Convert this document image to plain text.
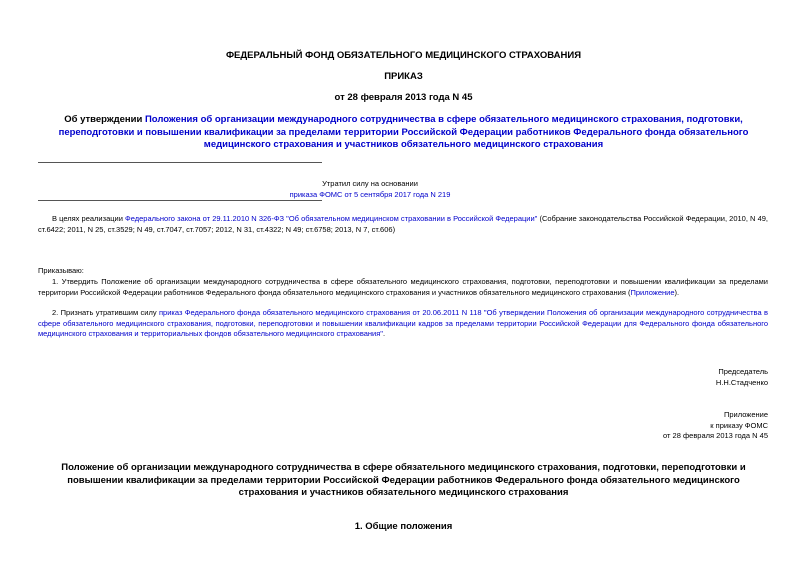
ФЕДЕРАЛЬНЫЙ ФОНД ОБЯЗАТЕЛЬНОГО МЕДИЦИНСКОГО СТРАХОВАНИЯ
ПРИКАЗ
от 28 февраля 2013 года N 45
Об утверждении Положения об организации международного сотрудничества в сфере обязательного медицинского страхования, подготовки, переподготовки и повышении квалификации за пределами территории Российской Федерации работников Федерального фонда обязательного медицинского страхования и участников обязательного медицинского страхования
Утратил силу на основании
приказа ФОМС от 5 сентября 2017 года N 219
В целях реализации Федерального закона от 29.11.2010 N 326-ФЗ "Об обязательном медицинском страховании в Российской Федерации" (Собрание законодательства Российской Федерации, 2010, N 49, ст.6422; 2011, N 25, ст.3529; N 49, ст.7047, ст.7057; 2012, N 31, ст.4322; N 49; ст.6758; 2013, N 7, ст.606)
Приказываю:
1. Утвердить Положение об организации международного сотрудничества в сфере обязательного медицинского страхования, подготовки, переподготовки и повышении квалификации за пределами территории Российской Федерации работников Федерального фонда обязательного медицинского страхования и участников обязательного медицинского страхования (Приложение).
2. Признать утратившим силу приказ Федерального фонда обязательного медицинского страхования от 20.06.2011 N 118 "Об утверждении Положения об организации международного сотрудничества в сфере обязательного медицинского страхования, подготовки, переподготовки и повышении квалификации кадров за пределами территории Российской Федерации для Федерального фонда обязательного медицинского страхования и территориальных фондов обязательного медицинского страхования".
Председатель
Н.Н.Стадченко
Приложение
к приказу ФОМС
от 28 февраля 2013 года N 45
Положение об организации международного сотрудничества в сфере обязательного медицинского страхования, подготовки, переподготовки и повышении квалификации за пределами территории Российской Федерации работников Федерального фонда обязательного медицинского страхования и участников обязательного медицинского страхования
1. Общие положения
